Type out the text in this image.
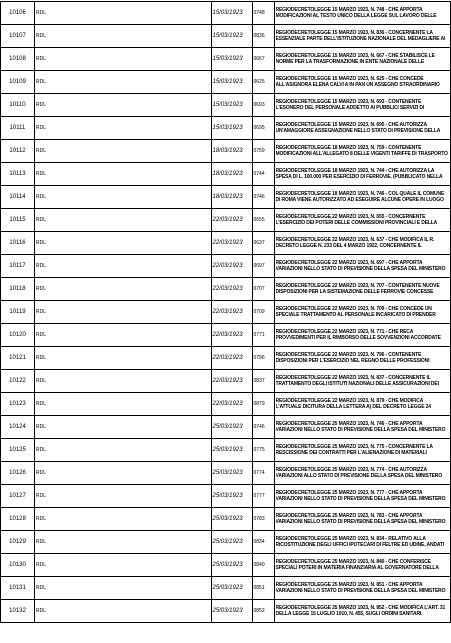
10106	RDL	15/03/1923	0748	REGIODECRETOLEGGE 15 MARZO 1923, N. 748 - CHE APPORTA MODIFICAZIONI AL TESTO UNICO DELLA LEGGE SUL LAVORO DELLE

10107	RDL	15/03/1923	0836	REGIODECRETOLEGGE 15 MARZO 1923, N. 836 - CONCERNENTE LA ESSENZIALE PARTE DELL'ISTITUZIONE NAZIONALE DEL MEDAGLIERE AI

10108	RDL	15/03/1923	0667	REGIODECRETOLEGGE 15 MARZO 1923, N. 667 - CHE STABILISCE LE NORME PER LA TRASFORMAZIONE IN ENTE NAZIONALE DELLE

10109	RDL	15/03/1923	0625	REGIODECRETOLEGGE 15 MARZO 1923, N. 625 - CHE CONCEDE ALL'ASIGNORA ELENA CALVI A IN PAN UN ASSEGNO STRAORDINARIO

10110	RDL	15/03/1923	0693	REGIODECRETOLEGGE 15 MARZO 1923, N. 693 - CONTENENTE L'ESONERO DEL PERSONALE ADDETTO AI PUBBLICI SERVIZI DI

10111	RDL	15/03/1923	0695	REGIODECRETOLEGGE 15 MARZO 1923, N. 695 - CHE AUTORIZZA UN'AMAGGIORE ASSEGNAZIONE NELLO STATO DI PREVISIONE DELLA

10112	RDL	18/03/1923	0759	REGIODECRETOLEGGE 18 MARZO 1923, N. 759 - CONTENENTE MODIFICAZIONI ALL'ALLEGATO 8 DELLE VIGENTI TARIFFE DI TRASPORTO

10113	RDL	18/03/1923	0744	REGIODECRETOLEGGE 18 MARZO 1923, N. 744 - CHE AUTORIZZA LA SPESA DI L. 100.000 PER ESERCIZIO DI FERROVIE. (PUBBLICATO NELLA

10114	RDL	18/03/1923	0746	REGIODECRETOLEGGE 18 MARZO 1923, N. 746 - COL QUALE IL COMUNE DI ROMA VIENE AUTORIZZATO AD ESEGUIRE ALCUNE OPERE IN LUOGO

10115	RDL	22/03/1923	0655	REGIODECRETOLEGGE 22 MARZO 1923, N. 655 - CONCERNENTE L'ESERCIZIO DEI POTERI DELLE COMMISSIONI PROVINCIALI E DELLA

10116	RDL	22/03/1923	0637	REGIODECRETOLEGGE 22 MARZO 1923, N. 637 - CHE MODIFICA IL R. DECRETO LEGGE N. 233 DEL 4 MARZO 1922, CONCERNENTE IL

10117	RDL	22/03/1923	0697	REGIODECRETOLEGGE 22 MARZO 1923, N. 697 - CHE APPORTA VARIAZIONI NELLO STATO DI PREVISIONE DELLA SPESA DEL MINISTERO

10118	RDL	22/03/1923	0707	REGIODECRETOLEGGE 22 MARZO 1923, N. 707 - CONTENENTE NUOVE DISPOSIZIONI PER LA SISTEMAZIONE DELLE FERROVIE CONCESSE

10119	RDL	22/03/1923	0709	REGIODECRETOLEGGE 22 MARZO 1923, N. 709 - CHE CONCEDE UN SPECIALE TRATTAMENTO AL PERSONALE INCARICATO DI PRENDER

10120	RDL	22/03/1923	0771	REGIODECRETOLEGGE 22 MARZO 1923, N. 771 - CHE RECA PROVVEDIMENTI PER IL RIMBORSO DELLE SOVVENZIONI ACCORDATE

10121	RDL	22/03/1923	0796	REGIODECRETOLEGGE 22 MARZO 1923, N. 796 - CONTENENTE DISPOSIZIONI PER L'ESERCIZIO NEL REGNO DELLE PROFESSIONI

10122	RDL	22/03/1923	0837	REGIODECRETOLEGGE 22 MARZO 1923, N. 837 - CONCERNENTE IL TRATTAMENTO DEGLI ISTITUTI NAZIONALI DELLE ASSICURAZIONI DEI

10123	RDL	22/03/1923	0879	REGIODECRETOLEGGE 22 MARZO 1923, N. 879 - CHE MODIFICA L'ATTUALE DICITURA DELLA LETTERA A) DEL DECRETO LEGGE 24

10124	RDL	25/03/1923	0746	REGIODECRETOLEGGE 25 MARZO 1923, N. 746 - CHE APPORTA VARIAZIONI NELLO STATO DI PREVISIONE DELLA SPESA DEL MINISTERO

10125	RDL	25/03/1923	0775	REGIODECRETOLEGGE 25 MARZO 1923, N. 775 - CONCERNENTE LA RESCISSIONE DEI CONTRATTI PER L'ALIENAZIONE DI MATERIALI

10126	RDL	25/03/1923	0774	REGIODECRETOLEGGE 25 MARZO 1923, N. 774 - CHE AUTORIZZA VARIAZIONI ALLO STATO DI PREVISIONE DELLA SPESA DEL MINISTERO

10127	RDL	25/03/1923	0777	REGIODECRETOLEGGE 25 MARZO 1923, N. 777 - CHE APPORTA VARIAZIONI NELLO STATO DI PREVISIONE DELLA SPESA DEL MINISTERO

10128	RDL	25/03/1923	0783	REGIODECRETOLEGGE 25 MARZO 1923, N. 783 - CHE APPORTA VARIAZIONI NELLO STATO DI PREVISIONE DELLA SPESA DEL MINISTERO

10129	RDL	25/03/1923	0834	REGIODECRETOLEGGE 25 MARZO 1923, N. 834 - RELATIVO ALLA RICOSTITUZIONE DEGLI UFFICI IPOTECARI DI FELTRE ED UDINE, ANDATI

10130	RDL	25/03/1923	0840	REGIODECRETOLEGGE 25 MARZO 1923, N. 840 - CHE CONFERISCE SPECIALI POTERI IN MATERIA FINANZIARIA AL GOVERNATORE DELLA

10131	RDL	25/03/1923	0851	REGIODECRETOLEGGE 25 MARZO 1923, N. 851 - CHE APPORTA VARIAZIONI NELLO STATO DI PREVISIONE DELLA SPESA DEL MINISTERO

10132	RDL	25/03/1923	0852	REGIODECRETOLEGGE 25 MARZO 1923, N. 852 - CHE MODIFICA L'ART. 31 DELLA LEGGE 15 LUGLIO 1910, N. 455, SUGLI ORDINI SANITARI.
